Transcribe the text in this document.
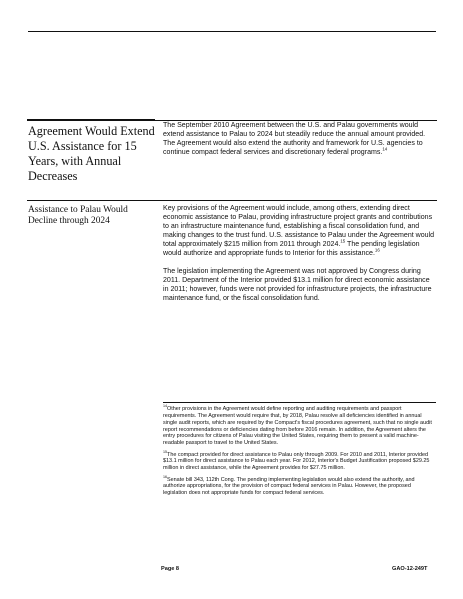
Agreement Would Extend U.S. Assistance for 15 Years, with Annual Decreases

The September 2010 Agreement between the U.S. and Palau governments would extend assistance to Palau to 2024 but steadily reduce the annual amount provided. The Agreement would also extend the authority and framework for U.S. agencies to continue compact federal services and discretionary federal programs.$^{14}$

Assistance to Palau Would Decline through 2024

Key provisions of the Agreement would include, among others, extending direct economic assistance to Palau, providing infrastructure project grants and contributions to an infrastructure maintenance fund, establishing a fiscal consolidation fund, and making changes to the trust fund. U.S. assistance to Palau under the Agreement would total approximately $215 million from 2011 through 2024.15 The pending legislation would authorize and appropriate funds to Interior for this assistance.$^{16}$

The legislation implementing the Agreement was not approved by Congress during 2011. Department of the Interior provided $13.1 million for direct economic assistance in 2011; however, funds were not provided for infrastructure projects, the infrastructure maintenance fund, or the fiscal consolidation fund.

$^{14}$Other provisions in the Agreement would define reporting and auditing requirements and passport requirements. The Agreement would require that, by 2018, Palau resolve all deficiencies identified in annual single audit reports, which are required by the Compact's fiscal procedures agreement, such that no single audit report recommendations or deficiencies dating from before 2016 remain. In addition, the Agreement alters the entry procedures for citizens of Palau visiting the United States, requiring them to present a valid machine-readable passport to travel to the United States.

$^{15}$The compact provided for direct assistance to Palau only through 2009. For 2010 and 2011, Interior provided $13.1 million for direct assistance to Palau each year. For 2012, Interior's Budget Justification proposed $29.25 million in direct assistance, while the Agreement provides for $27.75 million.

$^{16}$Senate bill 343, 112th Cong. The pending implementing legislation would also extend the authority, and authorize appropriations, for the provision of compact federal services in Palau. However, the proposed legislation does not appropriate funds for compact federal services.

Page 8	GAO-12-249T
